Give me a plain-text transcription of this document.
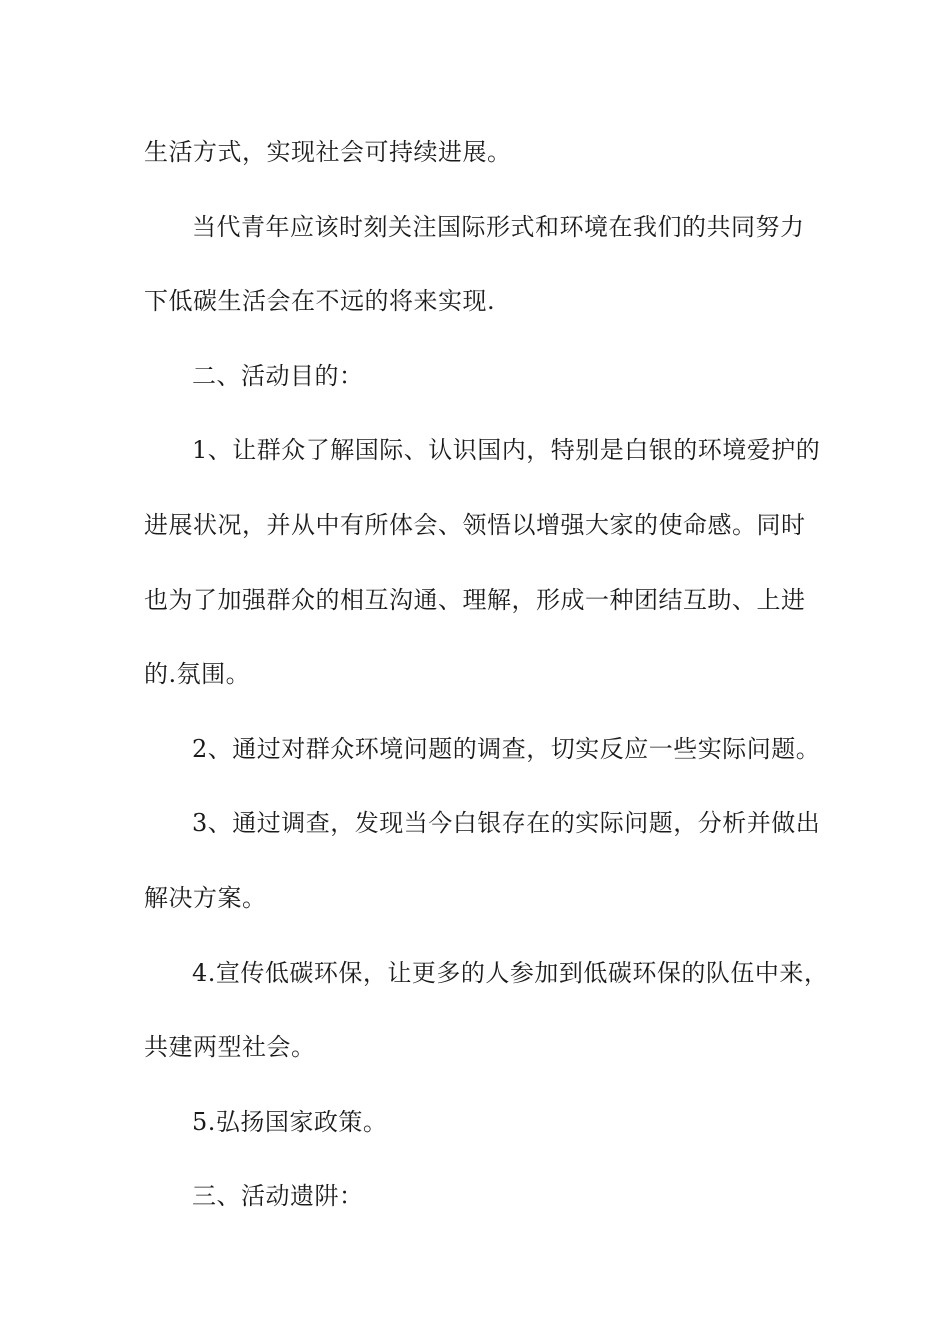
生活方式，实现社会可持续进展。
当代青年应该时刻关注国际形式和环境在我们的共同努力
下低碳生活会在不远的将来实现.
二、活动目的：
1、让群众了解国际、认识国内，特别是白银的环境爱护的
进展状况，并从中有所体会、领悟以增强大家的使命感。同时
也为了加强群众的相互沟通、理解，形成一种团结互助、上进
的.氛围。
2、通过对群众环境问题的调查，切实反应一些实际问题。
3、通过调查，发现当今白银存在的实际问题，分析并做出
解决方案。
4.宣传低碳环保，让更多的人参加到低碳环保的队伍中来，
共建两型社会。
5.弘扬国家政策。
三、活动遗阱：
